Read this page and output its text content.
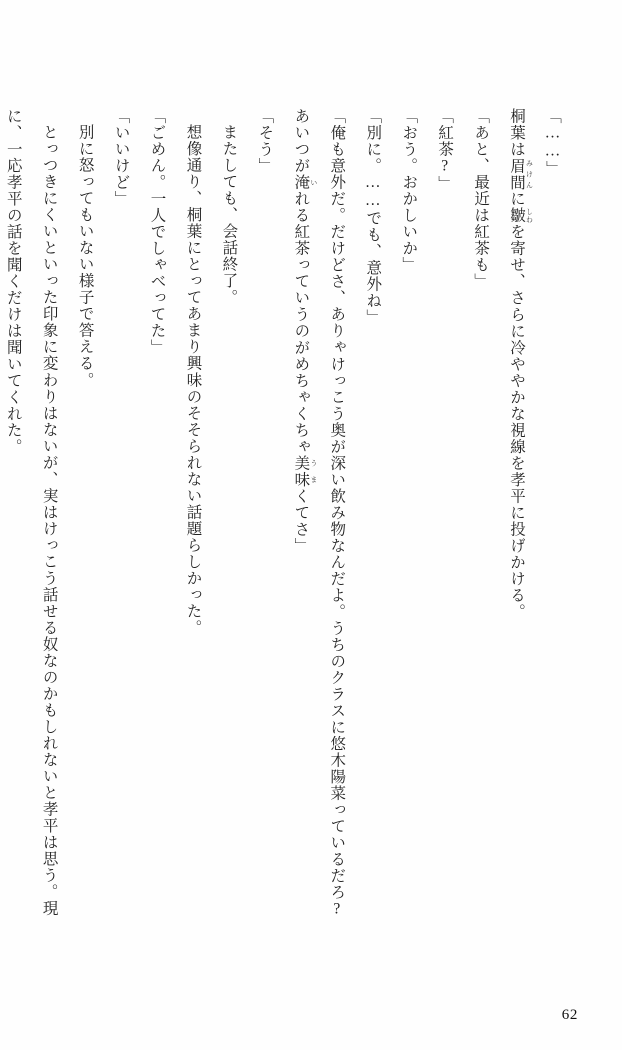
「……」

桐葉は眉間 みけんに皺 しわを寄せ、さらに冷ややかな視線を孝平に投げかける。

「あと、最近は紅茶も」

「紅茶?」

「おう。おかしいか」

「別に。……でも、意外ね」

「俺も意外だ。だけどさ、ありゃけっこう奥が深い飲み物なんだよ。うちのクラスに悠木陽菜っているだろ?　あいつが淹 いれる紅茶っていうのがめちゃくちゃ美味 うまくてさ」

「そう」

またしても、会話終了。

想像通り、桐葉にとってあまり興味のそそられない話題らしかった。

「ごめん。一人でしゃべってた」

「いいけど」

別に怒ってもいない様子で答える。

とっつきにくいといった印象に変わりはないが、実はけっこう話せる奴なのかもしれないと孝平は思う。現に、一応孝平の話を聞くだけは聞いてくれた。

62
